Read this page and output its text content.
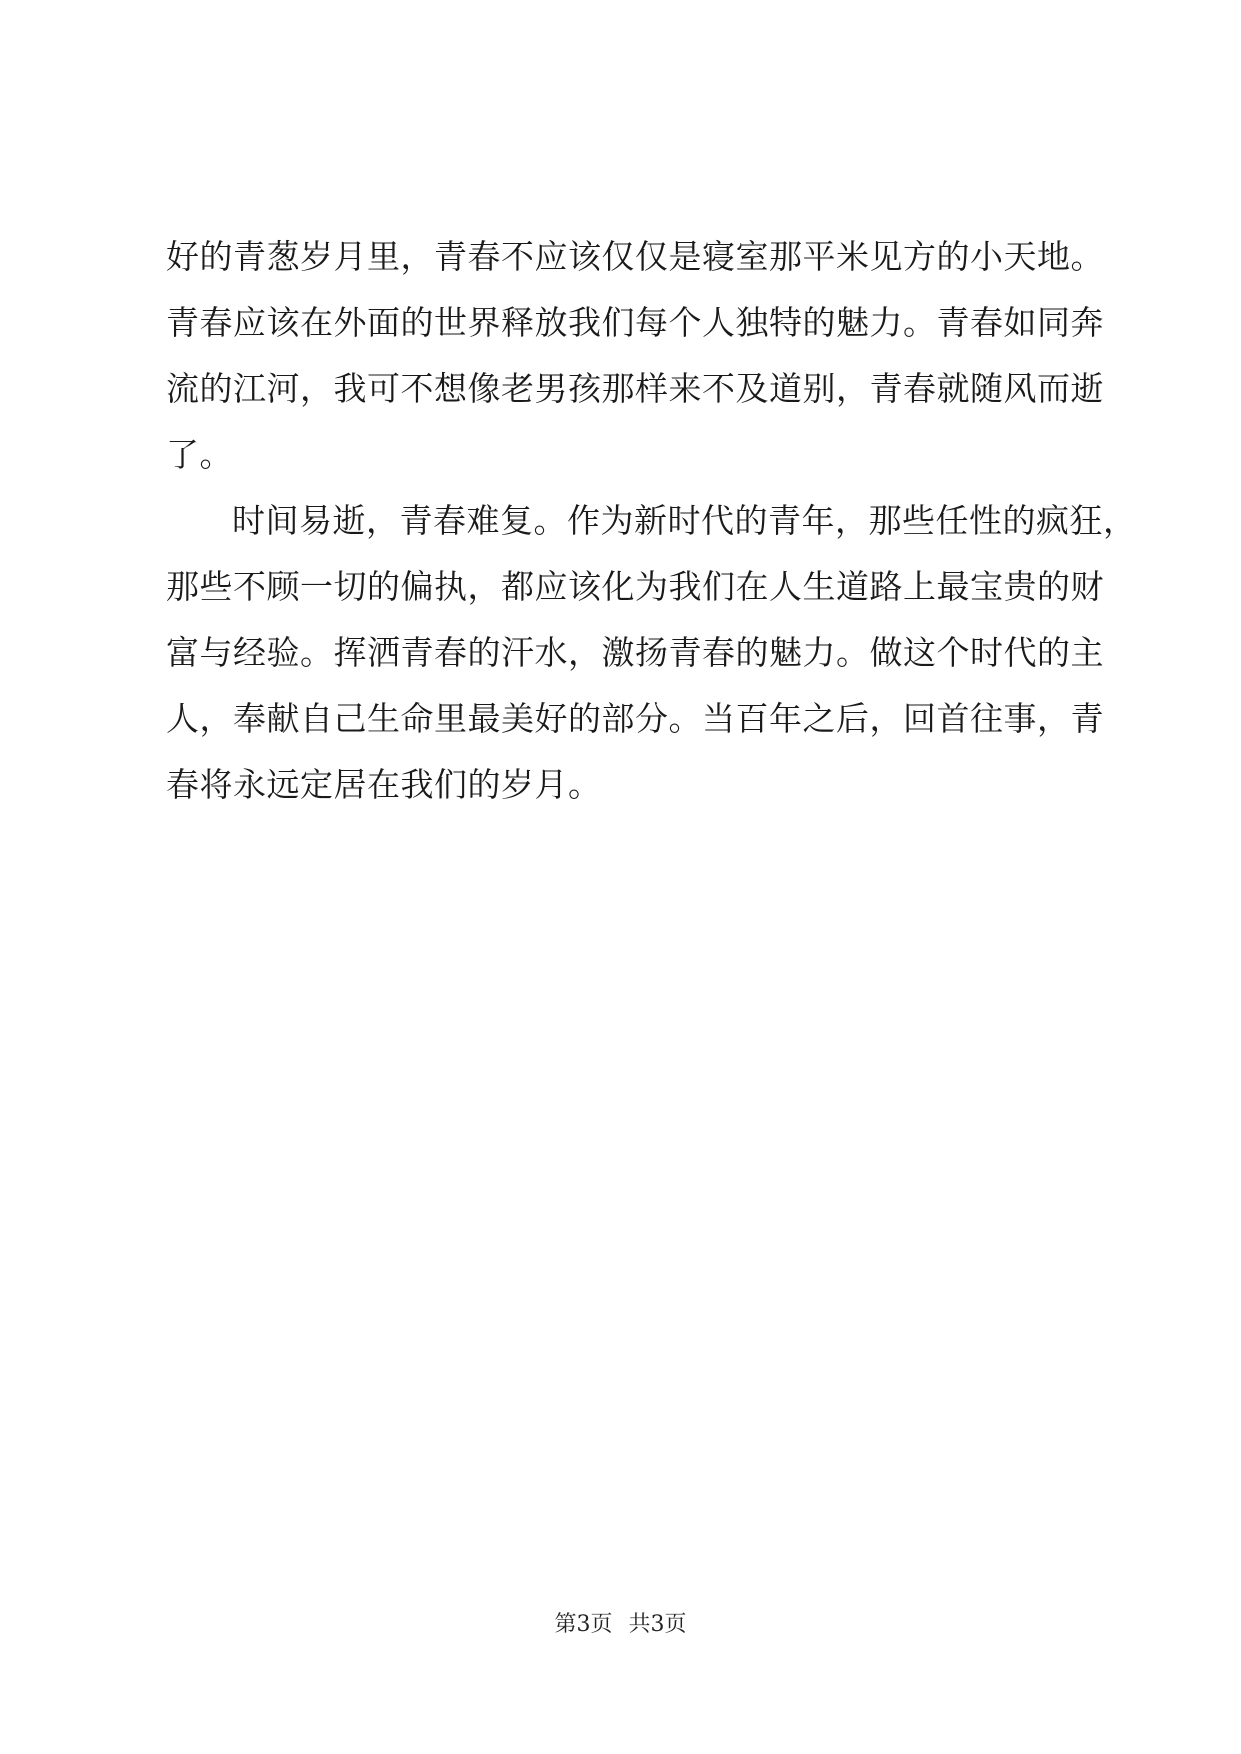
好的青葱岁月里，青春不应该仅仅是寝室那平米见方的小天地。
青春应该在外面的世界释放我们每个人独特的魅力。青春如同奔
流的江河，我可不想像老男孩那样来不及道别，青春就随风而逝
了。
时间易逝，青春难复。作为新时代的青年，那些任性的疯狂，
那些不顾一切的偏执，都应该化为我们在人生道路上最宝贵的财
富与经验。挥洒青春的汗水，激扬青春的魅力。做这个时代的主
人，奉献自己生命里最美好的部分。当百年之后，回首往事，青
春将永远定居在我们的岁月。
第3页 共3页
